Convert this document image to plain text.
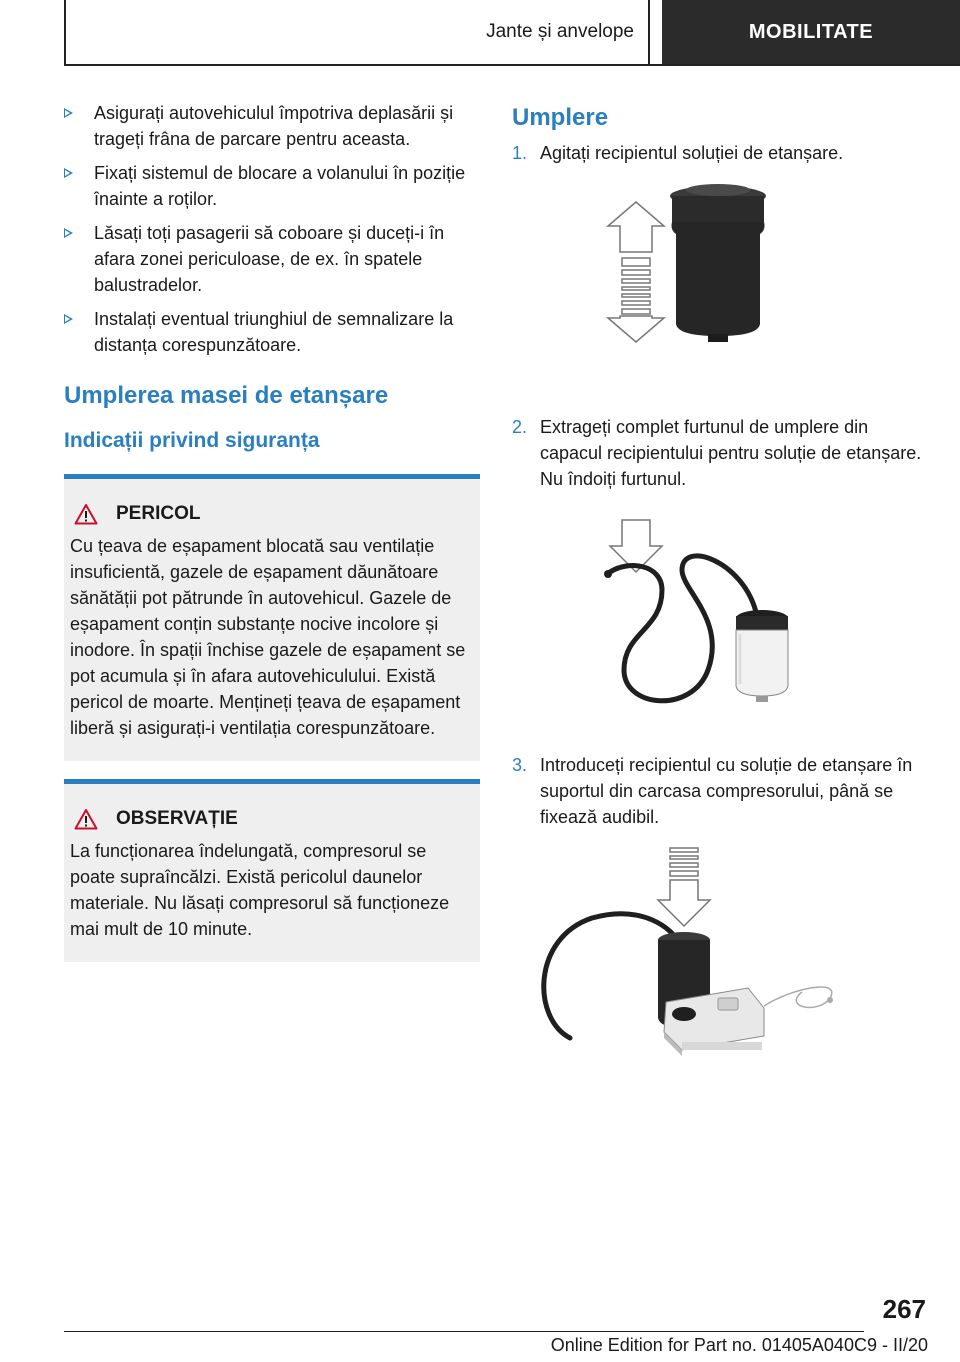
Jante și anvelope	MOBILITATE
Asigurați autovehiculul împotriva deplasării și trageți frâna de parcare pentru aceasta.
Fixați sistemul de blocare a volanului în poziție înainte a roților.
Lăsați toți pasagerii să coboare și duceți-i în afara zonei periculoase, de ex. în spatele balustradelor.
Instalați eventual triunghiul de semnalizare la distanța corespunzătoare.
Umplerea masei de etanșare
Indicații privind siguranța
PERICOL
Cu țeava de eșapament blocată sau ventilație insuficientă, gazele de eșapament dăunătoare sănătății pot pătrunde în autovehicul. Gazele de eșapament conțin substanțe nocive incolore și inodore. În spații închise gazele de eșapament se pot acumula și în afara autovehiculului. Există pericol de moarte. Mențineți țeava de eșapament liberă și asigurați-i ventilația corespunzătoare.
OBSERVAȚIE
La funcționarea îndelungată, compresorul se poate supraîncălzi. Există pericolul daunelor materiale. Nu lăsați compresorul să funcționeze mai mult de 10 minute.
Umplere
1. Agitați recipientul soluției de etanșare.
2. Extrageți complet furtunul de umplere din capacul recipientului pentru soluție de etanșare. Nu îndoiți furtunul.
3. Introduceți recipientul cu soluție de etanșare în suportul din carcasa compresorului, până se fixează audibil.
267
Online Edition for Part no. 01405A040C9 - II/20
